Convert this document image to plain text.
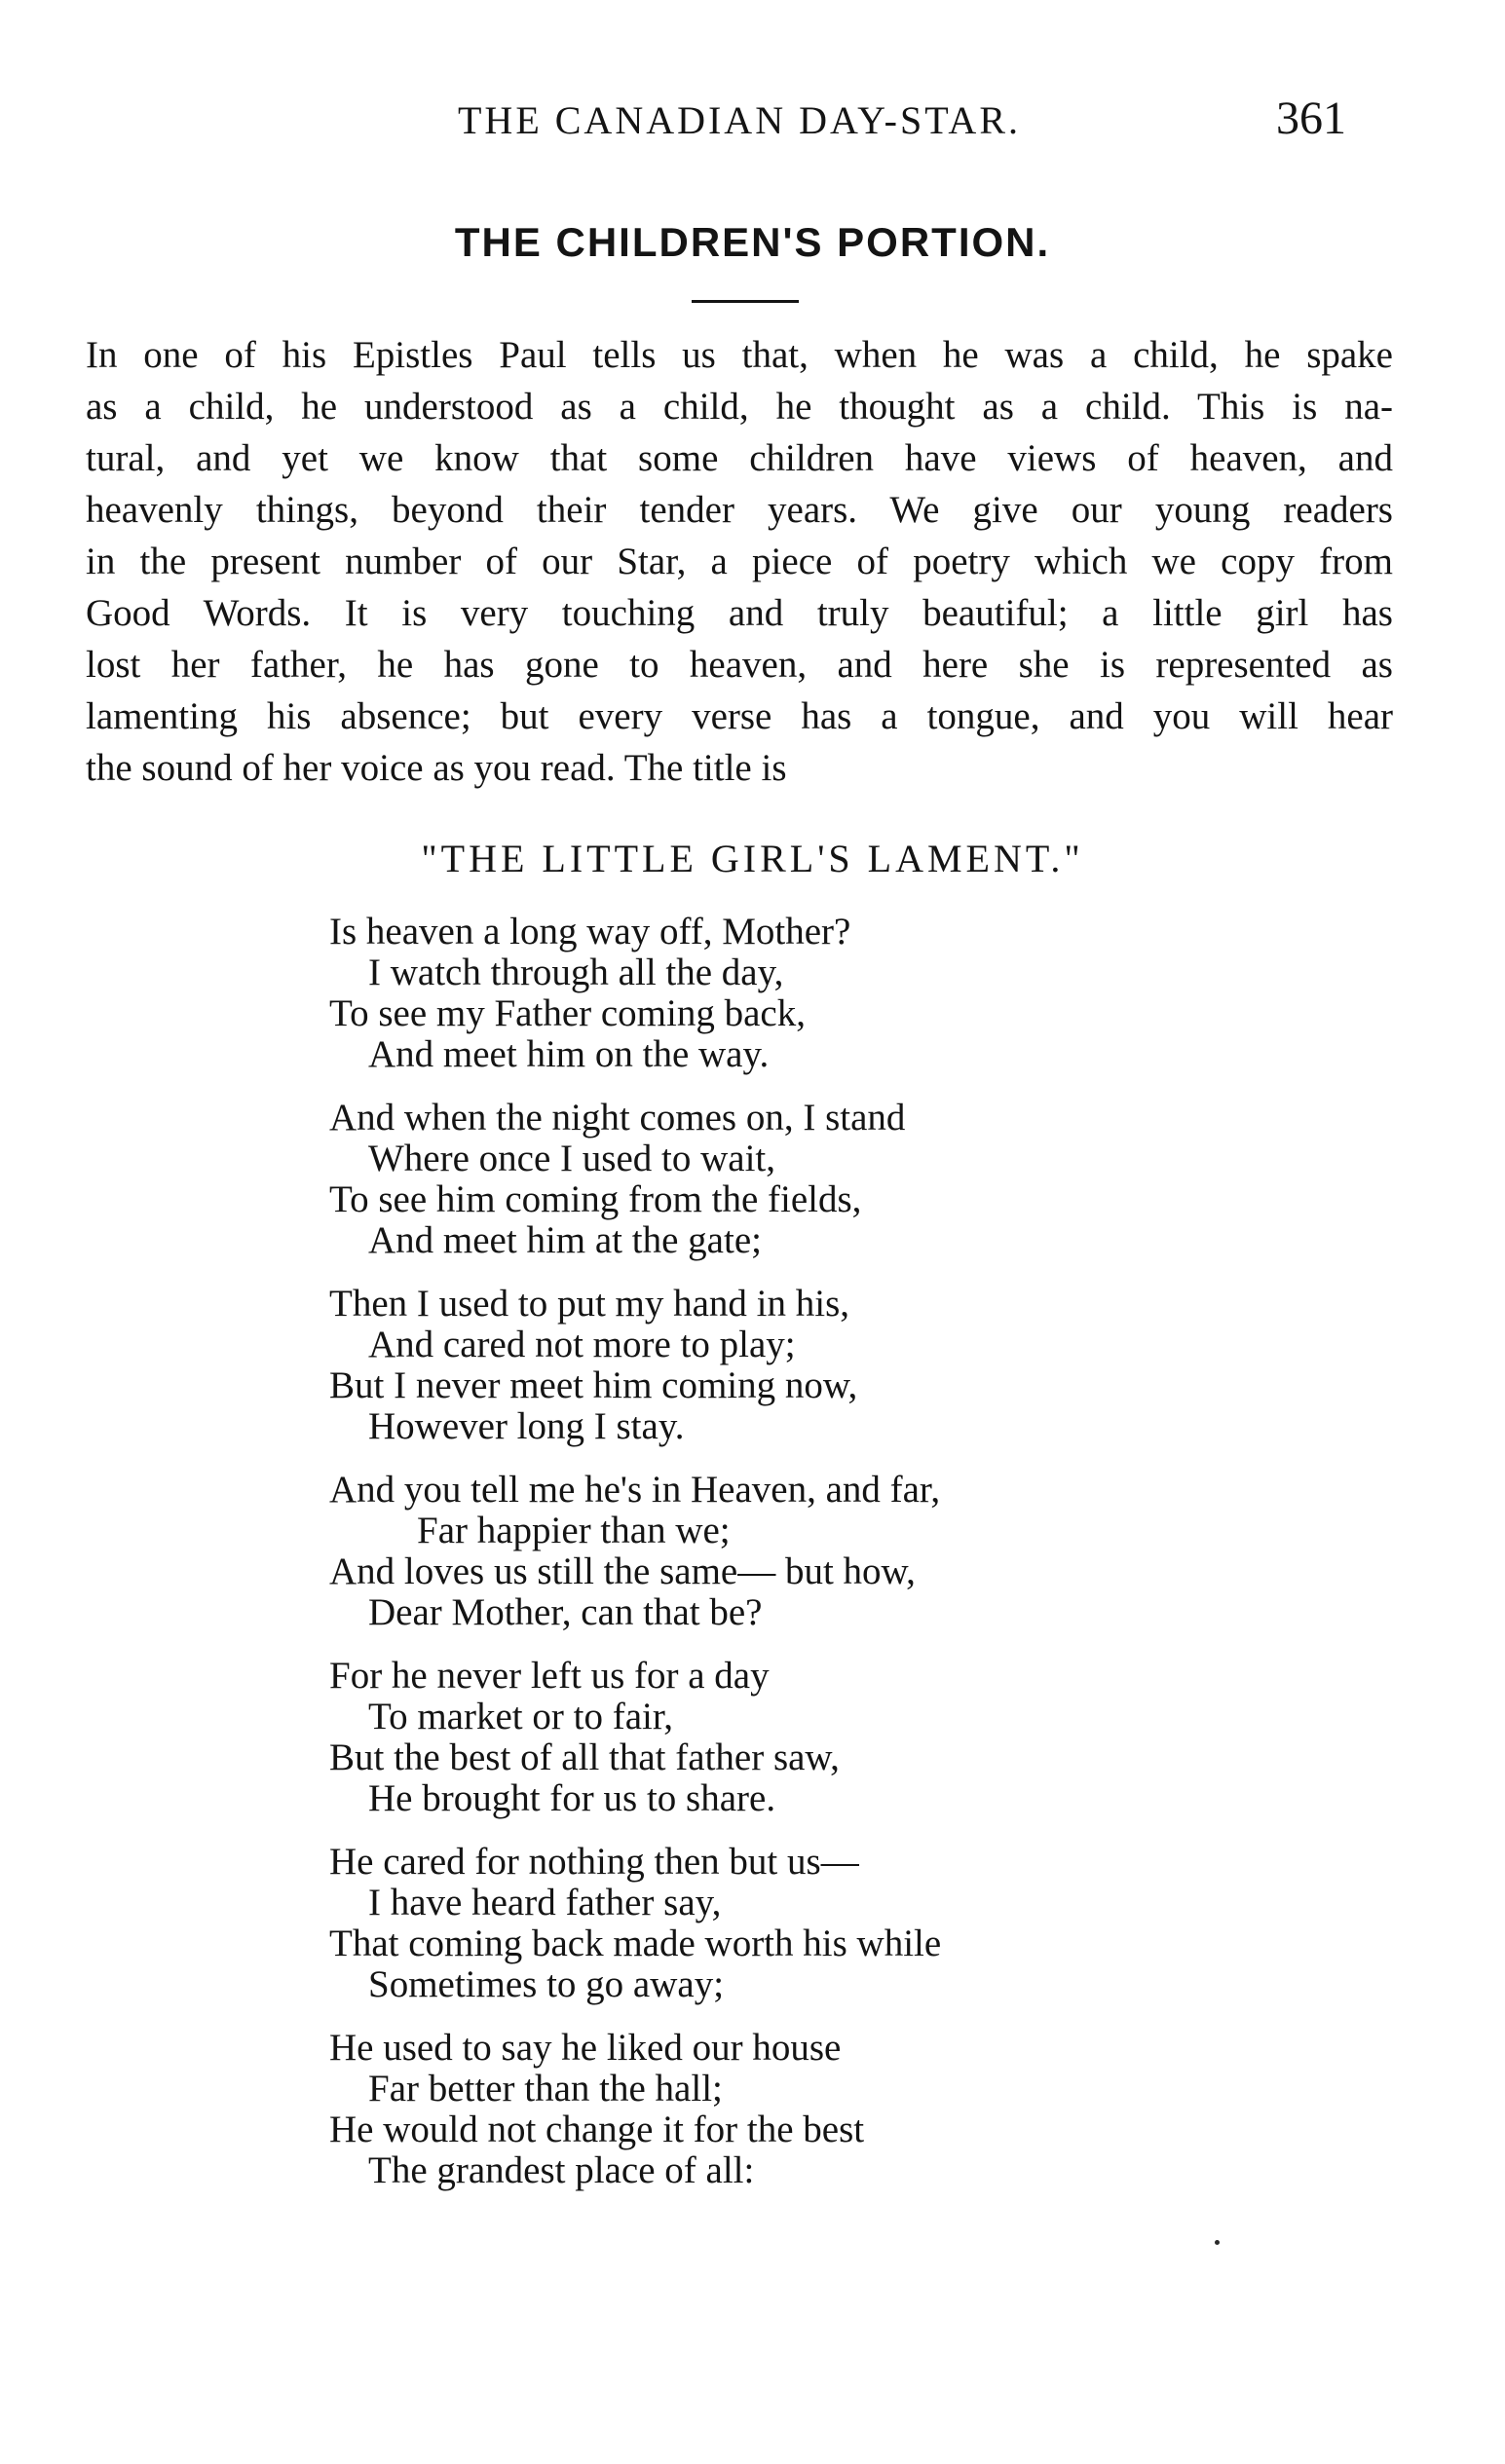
THE CANADIAN DAY-STAR.	361
THE CHILDREN'S PORTION.
In one of his Epistles Paul tells us that, when he was a child, he spake
as a child, he understood as a child, he thought as a child. This is na-
tural, and yet we know that some children have views of heaven, and
heavenly things, beyond their tender years. We give our young readers
in the present number of our Star, a piece of poetry which we copy from
Good Words. It is very touching and truly beautiful; a little girl has
lost her father, he has gone to heaven, and here she is represented as
lamenting his absence; but every verse has a tongue, and you will hear
the sound of her voice as you read. The title is
"THE LITTLE GIRL'S LAMENT."
Is heaven a long way off, Mother?
I watch through all the day,
To see my Father coming back,
And meet him on the way.
And when the night comes on, I stand
Where once I used to wait,
To see him coming from the fields,
And meet him at the gate;
Then I used to put my hand in his,
And cared not more to play;
But I never meet him coming now,
However long I stay.
And you tell me he's in Heaven, and far,
Far happier than we;
And loves us still the same— but how,
Dear Mother, can that be?
For he never left us for a day
To market or to fair,
But the best of all that father saw,
He brought for us to share.
He cared for nothing then but us—
I have heard father say,
That coming back made worth his while
Sometimes to go away;
He used to say he liked our house
Far better than the hall;
He would not change it for the best
The grandest place of all:
